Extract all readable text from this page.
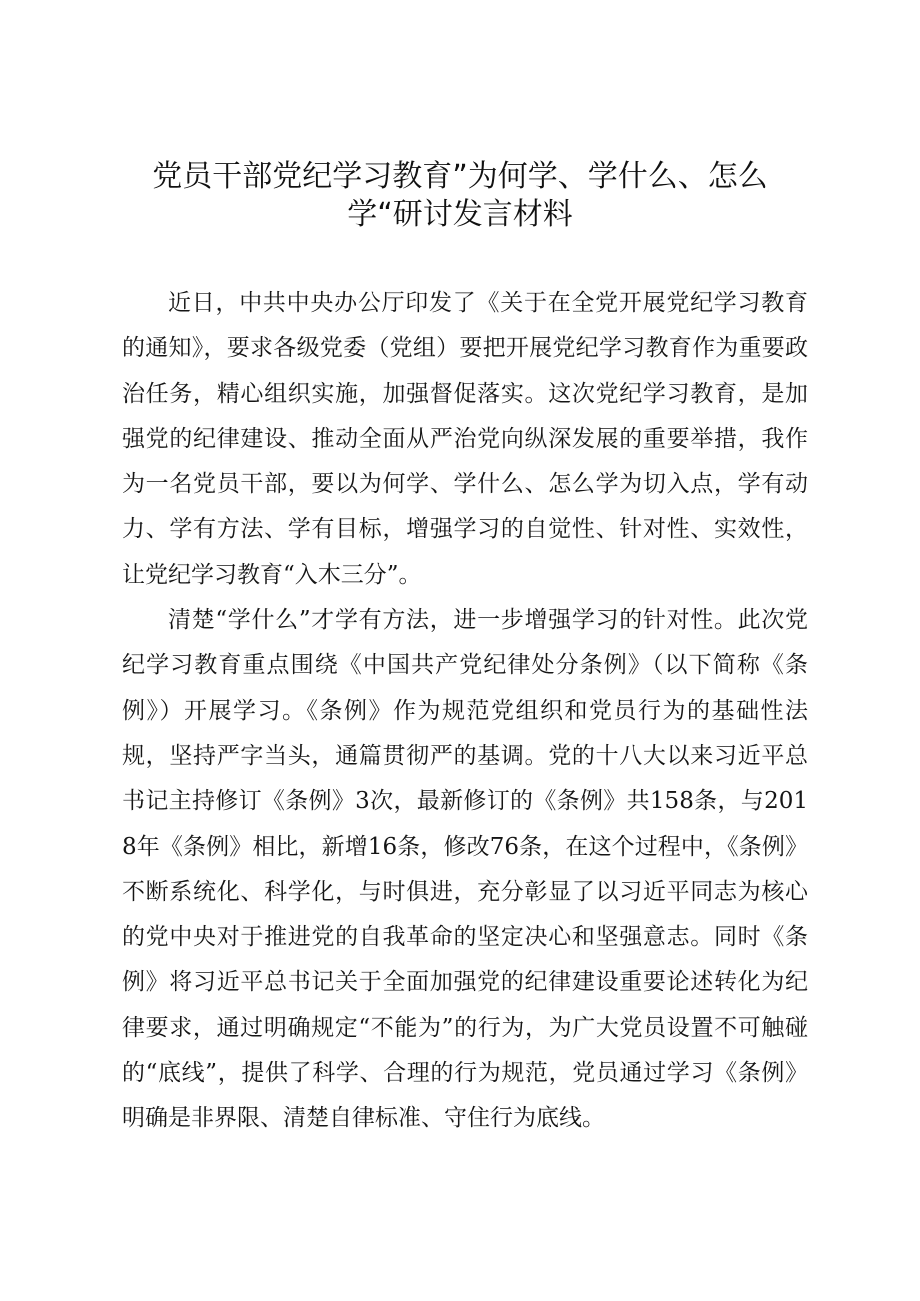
党员干部党纪学习教育”为何学、学什么、怎么学“研讨发言材料

近日，中共中央办公厅印发了《关于在全党开展党纪学习教育的通知》，要求各级党委（党组）要把开展党纪学习教育作为重要政治任务，精心组织实施，加强督促落实。这次党纪学习教育，是加强党的纪律建设、推动全面从严治党向纵深发展的重要举措，我作为一名党员干部，要以为何学、学什么、怎么学为切入点，学有动力、学有方法、学有目标，增强学习的自觉性、针对性、实效性，让党纪学习教育“入木三分”。

清楚“学什么”才学有方法，进一步增强学习的针对性。此次党纪学习教育重点围绕《中国共产党纪律处分条例》（以下简称《条例》）开展学习。《条例》作为规范党组织和党员行为的基础性法规，坚持严字当头，通篇贯彻严的基调。党的十八大以来习近平总书记主持修订《条例》3次，最新修订的《条例》共158条，与2018年《条例》相比，新增16条，修改76条，在这个过程中，《条例》不断系统化、科学化，与时俱进，充分彰显了以习近平同志为核心的党中央对于推进党的自我革命的坚定决心和坚强意志。同时《条例》将习近平总书记关于全面加强党的纪律建设重要论述转化为纪律要求，通过明确规定“不能为”的行为，为广大党员设置不可触碰的“底线”，提供了科学、合理的行为规范，党员通过学习《条例》明确是非界限、清楚自律标准、守住行为底线。
